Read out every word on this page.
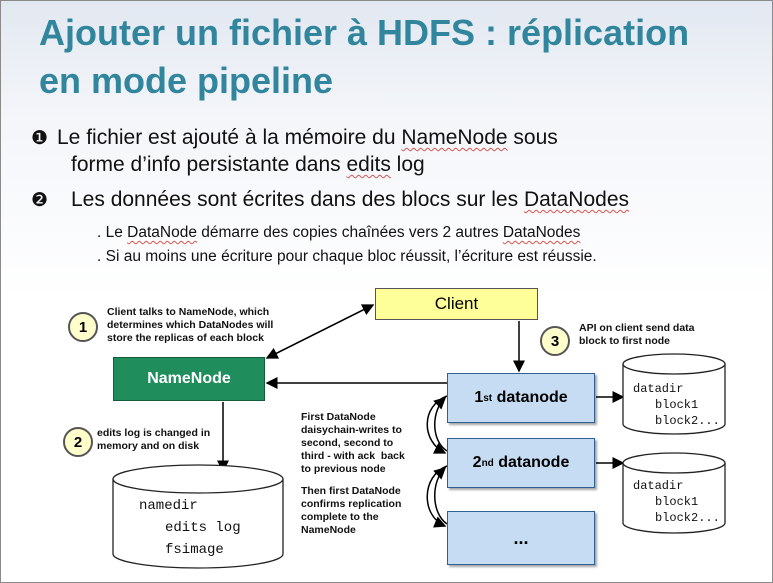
Ajouter un fichier à HDFS : réplication
en mode pipeline
❶ Le fichier est ajouté à la mémoire du NameNode sous
forme d’info persistante dans edits log
❷ Les données sont écrites dans des blocs sur les DataNodes
. Le DataNode démarre des copies chaînées vers 2 autres DataNodes
. Si au moins une écriture pour chaque bloc réussit, l’écriture est réussie.
Client
NameNode
1 st datanode
2 nd datanode
...
1
2
3
Client talks to NameNode, which
determines which DataNodes will
store the replicas of each block
edits log is changed in
memory and on disk
API on client send data
block to first node
First DataNode
daisychain-writes to
second, second to
third - with ack  back
to previous node
Then first DataNode
confirms replication
complete to the
NameNode
namedir
edits log
fsimage
datadir
block1
block2...
datadir
block1
block2...
